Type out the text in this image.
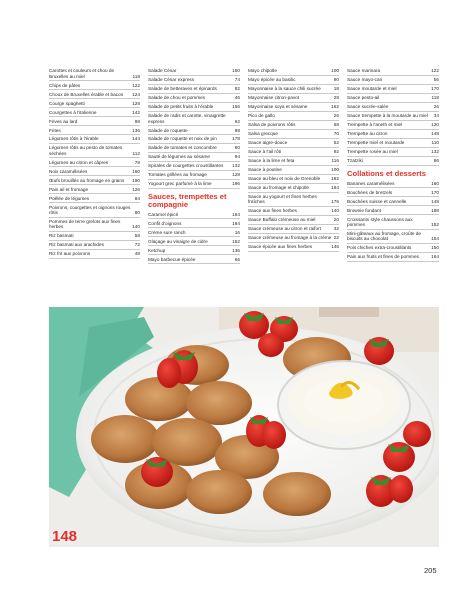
Carottes et couleurs et chou de Bruxelles au miel	118
Chips de pâtes	122
Choux de Bruxelles érable et bacon	124
Courge spaghetti	128
Courgettes à l'italienne	142
Fèves au lard	98
Frites	136
Légumes rôtis à l'érable	144
Légumes rôtis au pesto de tomates séchées	112
Légumes au citron et câpres	78
Noix caramélisées	160
Œufs brouillés au fromage en grains	190
Pain ail et fromage	126
Poêlée de légumes	84
Poivrons, courgettes et oignons rouges rôtis	80
Pommes de terre grelots aux fines herbes	140
Riz basmati	58
Riz basmati aux arachides	72
Riz frit aux poivrons	48
Salade César	150
Salade César express	74
Salade de betteraves et épinards	82
Salade de chou et pommes	46
Salade de petits fruits à l'érable	156
Salade de radis et carotte, vinaigrette express	62
Salade de roquette	88
Salade de roquette et noix de pin	178
Salade de tomates et concombre	60
Sauté de légumes au sésame	94
Spirales de courgettes croustillantes	132
Tomates grillées au fromage	128
Yogourt grec parfumé à la lime	196
Sauces, trempettes et compagnie
Caramel épicé	164
Confit d'oignons	194
Crème sure ranch	16
Glaçage au vinaigre de cidre	152
Ketchup	136
Mayo barbecue épicée	66
Mayo chipotle	100
Mayo épicée au basilic	90
Mayonnaise à la sauce chili sucrée	18
Mayonnaise citron-pavot	28
Mayonnaise soya et sésame	162
Pico de gallo	26
Salsa de poivrons rôtis	68
Salsa grecque	70
Sauce aigre-douce	52
Sauce à l'ail rôti	92
Sauce à la lime et feta	116
Sauce à poutine	100
Sauce au bleu et noix de Grenoble	192
Sauce au fromage et chipotle	184
Sauce au yogourt et fines herbes fraîches	176
Sauce aux fines herbes	140
Sauce Buffalo crémeuse au miel	20
Sauce crémeuse au citron et raifort	32
Sauce crémeuse au fromage à la crème 22
Sauce épicée aux fines herbes	146
Sauce marinara	122
Sauce mayo-cari	56
Sauce moutarde et miel	170
Sauce pesto-ail	118
Sauce sucrée-salée	26
Sauce trempette à la moutarde au miel	34
Trempette à l'aneth et miel	120
Trempette au citron	148
Trempette miel et moutarde	110
Trempette rosée au miel	132
Tzatziki	86
Collations et desserts
Bananes caramélisées	160
Bouchées de bretzels	170
Bouchées suisse et cannelle	148
Brownie fondant	188
Croissants style chaussons aux pommes	152
Mini-gâteaux au fromage, croûte de biscuits au chocolat	154
Pois chiches extra-croustillants	150
Pain aux fruits et fines de pommes	164
148
205
